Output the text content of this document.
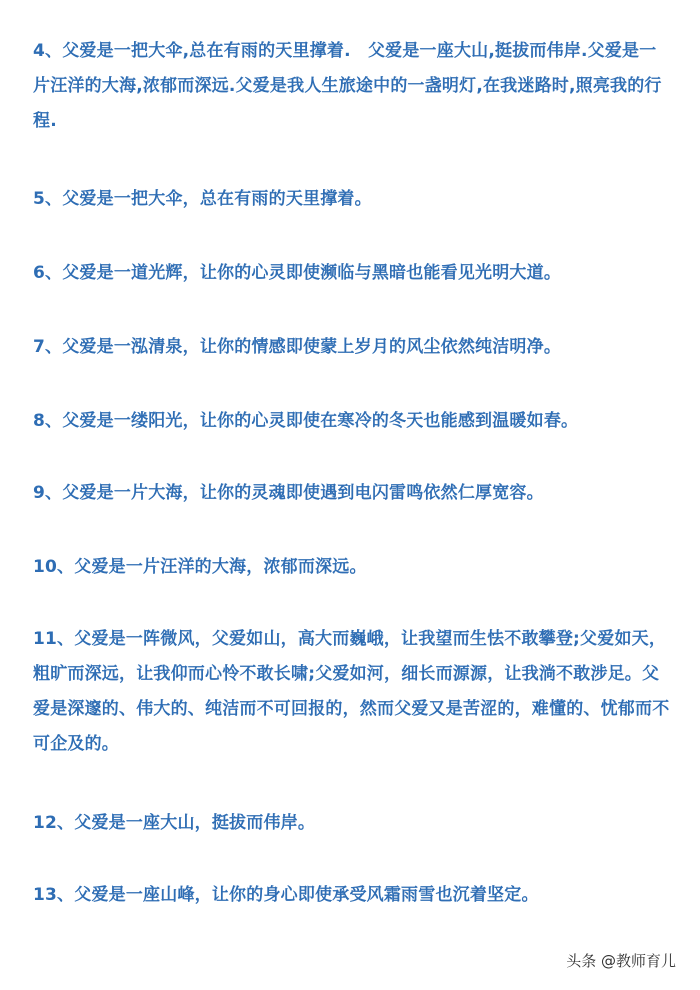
4、父爱是一把大伞,总在有雨的天里撑着.　父爱是一座大山,挺拔而伟岸.父爱是一片汪洋的大海,浓郁而深远.父爱是我人生旅途中的一盏明灯,在我迷路时,照亮我的行程.

5、父爱是一把大伞，总在有雨的天里撑着。

6、父爱是一道光辉，让你的心灵即使濒临与黑暗也能看见光明大道。

7、父爱是一泓清泉，让你的情感即使蒙上岁月的风尘依然纯洁明净。

8、父爱是一缕阳光，让你的心灵即使在寒冷的冬天也能感到温暖如春。

9、父爱是一片大海，让你的灵魂即使遇到电闪雷鸣依然仁厚宽容。

10、父爱是一片汪洋的大海，浓郁而深远。

11、父爱是一阵微风，父爱如山，高大而巍峨，让我望而生怯不敢攀登;父爱如天，粗旷而深远，让我仰而心怜不敢长啸;父爱如河，细长而源源，让我淌不敢涉足。父爱是深邃的、伟大的、纯洁而不可回报的，然而父爱又是苦涩的，难懂的、忧郁而不可企及的。

12、父爱是一座大山，挺拔而伟岸。

13、父爱是一座山峰，让你的身心即使承受风霜雨雪也沉着坚定。

头条 @教师育儿
